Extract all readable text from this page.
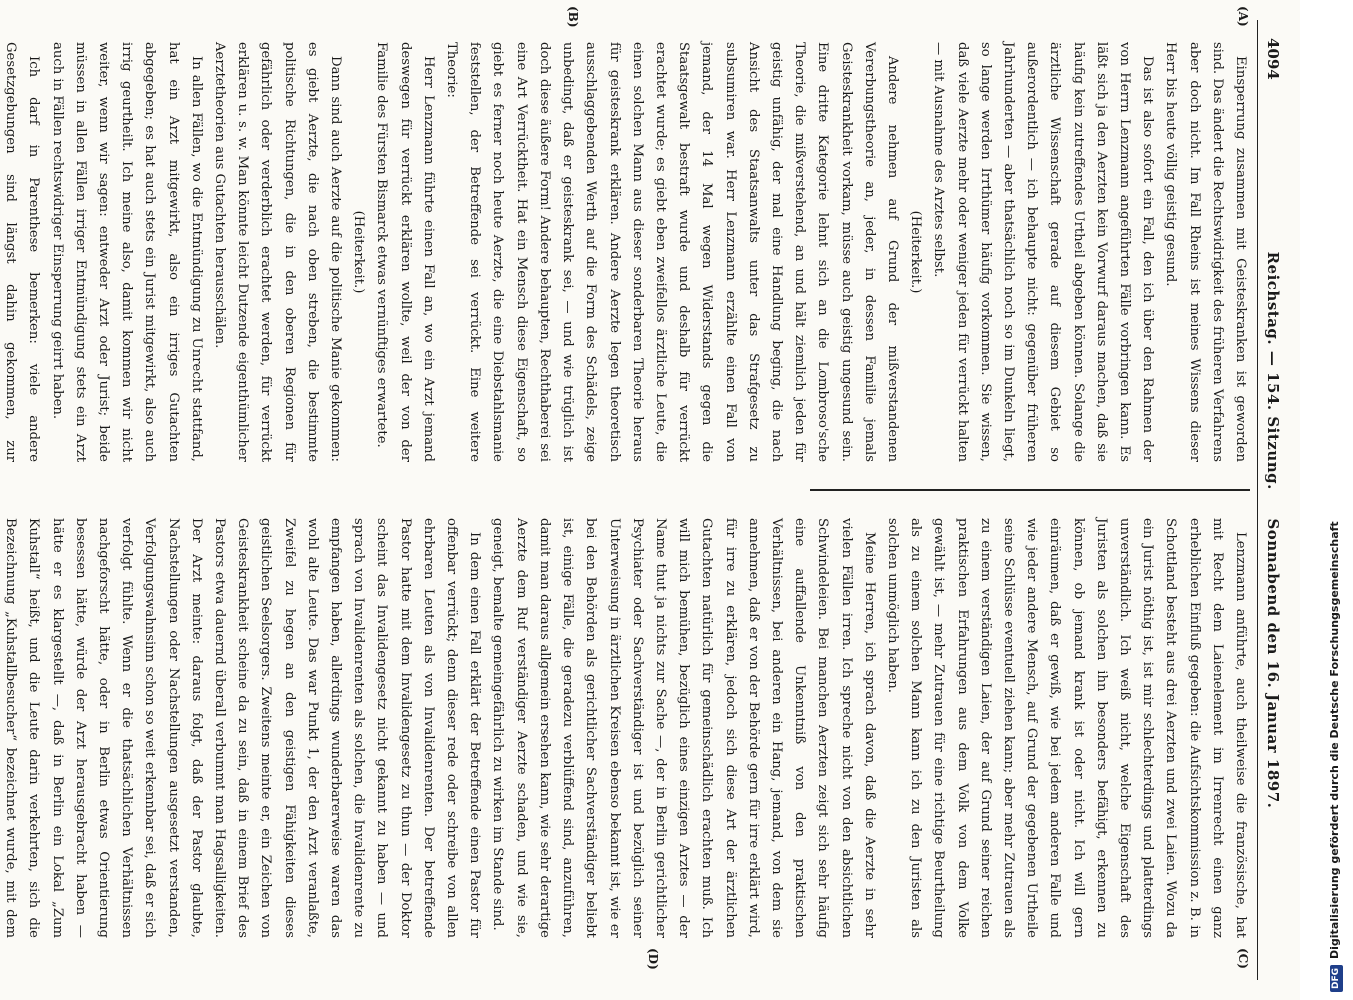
4094
Reichstag. — 154. Sitzung.     Sonnabend den 16. Januar 1897.
(A)
(B)
(C)
(D)

Einsperrung zusammen mit Geisteskranken ist geworden sind. Das ändert die Rechtswidrigkeit des früheren Verfahrens aber doch nicht. Im Fall Rheins ist meines Wissens dieser Herr bis heute völlig geistig gesund.

Das ist also sofort ein Fall, den ich über den Rahmen der von Herrn Lenzmann angeführten Fälle vorbringen kann. Es läßt sich ja den Aerzten kein Vorwurf daraus machen, daß sie häufig kein zutreffendes Urtheil abgeben können. Solange die ärztliche Wissenschaft gerade auf diesem Gebiet so außerordentlich — ich behaupte nicht: gegenüber früheren Jahrhunderten — aber thatsächlich noch so im Dunkeln liegt, so lange werden Irrthümer häufig vorkommen. Sie wissen, daß viele Aerzte mehr oder weniger jeden für verrückt halten — mit Ausnahme des Arztes selbst.

(Heiterkeit.)

Andere nehmen auf Grund der mißverstandenen Vererbungstheorie an, jeder, in dessen Familie jemals Geisteskrankheit vorkam, müsse auch geistig ungesund sein. Eine dritte Kategorie lehnt sich an die Lombroso'sche Theorie, die mißverstehend, an und hält ziemlich jeden für geistig unfähig, der mal eine Handlung beging, die nach Ansicht des Staatsanwalts unter das Strafgesetz zu subsumiren war. Herr Lenzmann erzählte einen Fall von jemand, der 14 Mal wegen Widerstands gegen die Staatsgewalt bestraft wurde und deshalb für verrückt erachtet wurde; es giebt eben zweifellos ärztliche Leute, die einen solchen Mann aus dieser sonderbaren Theorie heraus für geisteskrank erklären. Andere Aerzte legen theoretisch ausschlaggebenden Werth auf die Form des Schädels, zeige unbedingt, daß er geisteskrank sei, — und wie trüglich ist doch diese äußere Form! Andere behaupten, Rechthaberei sei eine Art Verrücktheit. Hat ein Mensch diese Eigenschaft, so giebt es ferner noch heute Aerzte, die eine Diebstahlsmanie feststellen, der Betreffende sei verrückt. Eine weitere Theorie:

Herr Lenzmann führte einen Fall an, wo ein Arzt jemand deswegen für verrückt erklären wollte, weil der von der Familie des Fürsten Bismarck etwas vernünftiges erwartete.

(Heiterkeit.)

Dann sind auch Aerzte auf die politische Manie gekommen: es giebt Aerzte, die nach oben streben, die bestimmte politische Richtungen, die in den oberen Regionen für gefährlich oder verderblich erachtet werden, für verrückt erklären u. s. w. Man könnte leicht Dutzende eigenthümlicher Aerztetheorien aus Gutachten herausschälen.

In allen Fällen, wo die Entmündigung zu Unrecht stattfand, hat ein Arzt mitgewirkt, also ein irriges Gutachten abgegeben; es hat auch stets ein Jurist mitgewirkt, also auch irrig geurtheilt. Ich meine also, damit kommen wir nicht weiter, wenn wir sagen: entweder Arzt oder Jurist; beide müssen in allen Fällen irriger Entmündigung stets ein Arzt auch in Fällen rechtswidriger Einsperrung geirrt haben.

Ich darf in Parenthese bemerken: viele andere Gesetzgebungen sind längst dahin gekommen, zur

Lenzmann anführte, auch theilweise die französische, hat mit Recht dem Laienelement im Irrenrecht einen ganz erheblichen Einfluß gegeben: die Aufsichtskommission z. B. in Schottland besteht aus drei Aerzten und zwei Laien. Wozu da ein Jurist nöthig ist, ist mir schlechterdings und platterdings unverständlich. Ich weiß nicht, welche Eigenschaft des Juristen als solchen ihn besonders befähigt, erkennen zu können, ob jemand krank ist oder nicht. Ich will gern einräumen, daß er gewiß, wie bei jedem anderen Falle und wie jeder andere Mensch, auf Grund der gegebenen Urtheile seine Schlüsse eventuell ziehen kann; aber mehr Zutrauen als zu einem verständigen Laien, der auf Grund seiner reichen praktischen Erfahrungen aus dem Volk von dem Volke gewählt ist, — mehr Zutrauen für eine richtige Beurtheilung als zu einem solchen Mann kann ich zu den Juristen als solchen unmöglich haben.

Meine Herren, ich sprach davon, daß die Aerzte in sehr vielen Fällen irren. Ich spreche nicht von den absichtlichen Schwindeleien. Bei manchen Aerzten zeigt sich sehr häufig eine auffallende Unkenntniß von den praktischen Verhältnissen, bei anderen ein Hang, jemand, von dem sie annehmen, daß er von der Behörde gern für irre erklärt wird, für irre zu erklären, jedoch sich diese Art der ärztlichen Gutachten natürlich für gemeinschädlich erachten muß. Ich will mich bemühen, bezüglich eines einzigen Arztes — der Name thut ja nichts zur Sache —, der in Berlin gerichtlicher Psychiater oder Sachverständiger ist und bezüglich seiner Unterweisung in ärztlichen Kreisen ebenso bekannt ist, wie er bei den Behörden als gerichtlicher Sachverständiger beliebt ist, einige Fälle, die geradezu verblüffend sind, anzuführen, damit man daraus allgemein ersehen kann, wie sehr derartige Aerzte dem Ruf verständiger Aerzte schaden, und wie sie, geneigt, bemalte gemeingefährlich zu wirken im Stande sind.

In dem einen Fall erklärt der Betreffende einen Pastor für offenbar verrückt; denn dieser rede oder schreibe von allen ehrbaren Leuten als von Invalidenrenten. Der betreffende Pastor hatte mit dem Invalidengesetz zu thun — der Doktor scheint das Invalidengesetz nicht gekannt zu haben — und sprach von Invalidenrenten als solchen, die Invalidenrente zu empfangen haben, allerdings wunderbarerweise waren das wohl alte Leute. Das war Punkt 1, der den Arzt veranlaßte, Zweifel zu hegen an den geistigen Fähigkeiten dieses geistlichen Seelsorgers. Zweitens meinte er, ein Zeichen von Geisteskrankheit scheine da zu sein, daß in einem Brief des Pastors etwa dauernd überall verbummt man Hagsalligkeiten. Der Arzt meinte: daraus folgt, daß der Pastor glaubte, Nachstellungen oder Nachstellungen ausgesetzt verstanden, Verfolgungswahnsinn schon so weit erkennbar sei, daß er sich verfolgt fühlte. Wenn er die thatsächlichen Verhältnissen nachgeforscht hätte, oder in Berlin etwas Orientierung besessen hätte, würde der Arzt herausgebracht haben — hätte er es klargestellt —, daß in Berlin ein Lokal „Zum Kuhstall“ heißt, und die Leute darin verkehrten, sich die Bezeichnung „Kuhstallbesucher“ bezeichnet wurde, mit dem

DFGDigitalisierung gefördert durch die Deutsche Forschungsgemeinschaft
